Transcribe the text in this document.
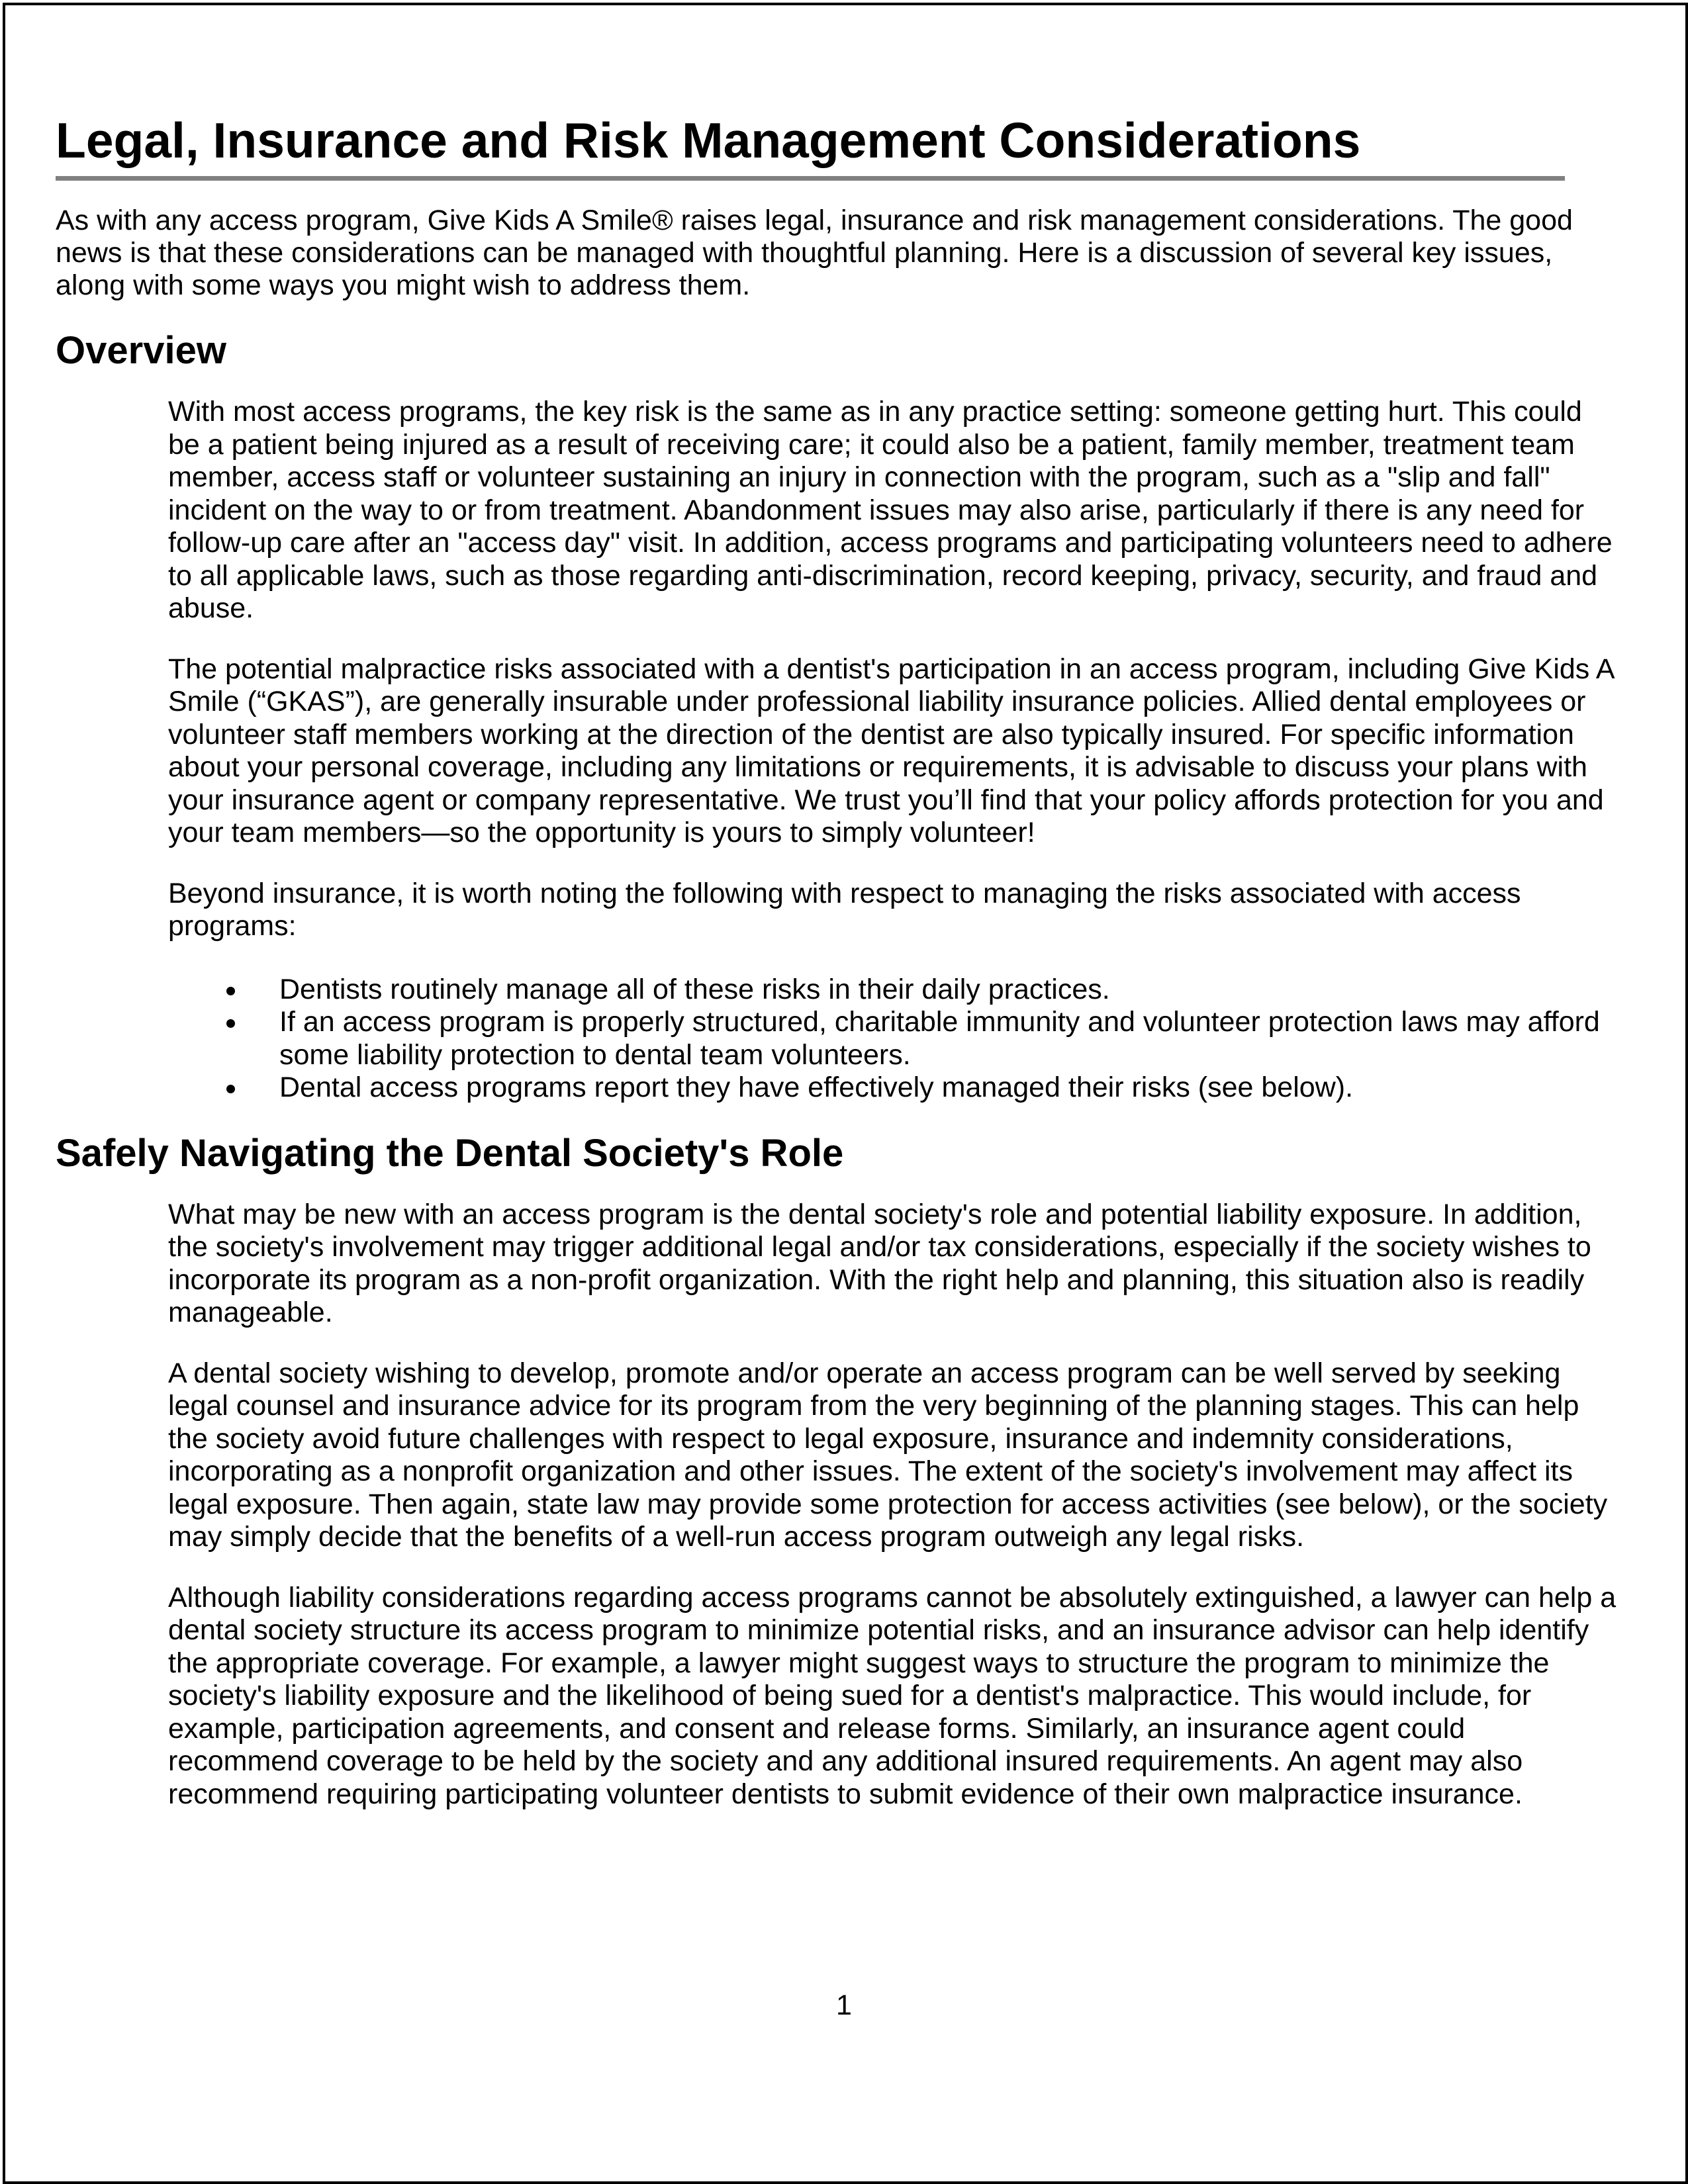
Legal, Insurance and Risk Management Considerations

As with any access program, Give Kids A Smile® raises legal, insurance and risk management considerations. The good news is that these considerations can be managed with thoughtful planning. Here is a discussion of several key issues, along with some ways you might wish to address them.

Overview

With most access programs, the key risk is the same as in any practice setting: someone getting hurt. This could be a patient being injured as a result of receiving care; it could also be a patient, family member, treatment team member, access staff or volunteer sustaining an injury in connection with the program, such as a "slip and fall" incident on the way to or from treatment. Abandonment issues may also arise, particularly if there is any need for follow-up care after an "access day" visit. In addition, access programs and participating volunteers need to adhere to all applicable laws, such as those regarding anti-discrimination, record keeping, privacy, security, and fraud and abuse.

The potential malpractice risks associated with a dentist's participation in an access program, including Give Kids A Smile (“GKAS”), are generally insurable under professional liability insurance policies. Allied dental employees or volunteer staff members working at the direction of the dentist are also typically insured. For specific information about your personal coverage, including any limitations or requirements, it is advisable to discuss your plans with your insurance agent or company representative. We trust you’ll find that your policy affords protection for you and your team members—so the opportunity is yours to simply volunteer!

Beyond insurance, it is worth noting the following with respect to managing the risks associated with access programs:

Dentists routinely manage all of these risks in their daily practices.
If an access program is properly structured, charitable immunity and volunteer protection laws may afford some liability protection to dental team volunteers.
Dental access programs report they have effectively managed their risks (see below).
Safely Navigating the Dental Society's Role

What may be new with an access program is the dental society's role and potential liability exposure. In addition, the society's involvement may trigger additional legal and/or tax considerations, especially if the society wishes to incorporate its program as a non-profit organization. With the right help and planning, this situation also is readily manageable.

A dental society wishing to develop, promote and/or operate an access program can be well served by seeking legal counsel and insurance advice for its program from the very beginning of the planning stages. This can help the society avoid future challenges with respect to legal exposure, insurance and indemnity considerations, incorporating as a nonprofit organization and other issues. The extent of the society's involvement may affect its legal exposure. Then again, state law may provide some protection for access activities (see below), or the society may simply decide that the benefits of a well-run access program outweigh any legal risks.

Although liability considerations regarding access programs cannot be absolutely extinguished, a lawyer can help a dental society structure its access program to minimize potential risks, and an insurance advisor can help identify the appropriate coverage. For example, a lawyer might suggest ways to structure the program to minimize the society's liability exposure and the likelihood of being sued for a dentist's malpractice. This would include, for example, participation agreements, and consent and release forms. Similarly, an insurance agent could recommend coverage to be held by the society and any additional insured requirements. An agent may also recommend requiring participating volunteer dentists to submit evidence of their own malpractice insurance.

1
